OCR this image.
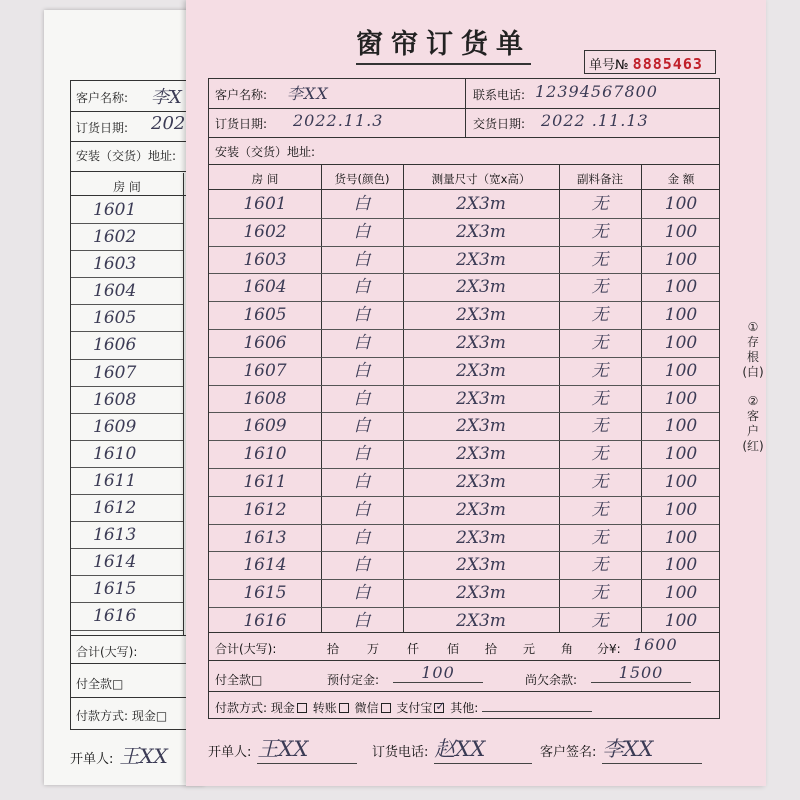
客户名称: 李X
订货日期: 202
安装（交货）地址:
房 间
1601
1602
1603
1604
1605
1606
1607
1608
1609
1610
1611
1612
1613
1614
1615
1616
合计(大写):
付全款□
付款方式: 现金□
开单人: 王XX
窗帘订货单
单号№ 8885463
客户名称: 李XX	联系电话: 12394567800
订货日期: 2022.11.3	交货日期: 2022 .11.13
安装（交货）地址:
房 间	货号(颜色)	测量尺寸（宽x高）	副料备注	金 额
1601	白	2X3m	无	100
1602	白	2X3m	无	100
1603	白	2X3m	无	100
1604	白	2X3m	无	100
1605	白	2X3m	无	100
1606	白	2X3m	无	100
1607	白	2X3m	无	100
1608	白	2X3m	无	100
1609	白	2X3m	无	100
1610	白	2X3m	无	100
1611	白	2X3m	无	100
1612	白	2X3m	无	100
1613	白	2X3m	无	100
1614	白	2X3m	无	100
1615	白	2X3m	无	100
1616	白	2X3m	无	100
合计(大写):	拾 万 仟 佰 拾 元 角 分¥: 1600
付全款□	预付定金:	100	尚欠余款:	1500
付款方式: 现金 转账 微信 支付宝✓ 其他:
开单人: 王XX	订货电话: 赵XX	客户签名: 李XX
①
存
根
(白)
②
客
户
(红)
